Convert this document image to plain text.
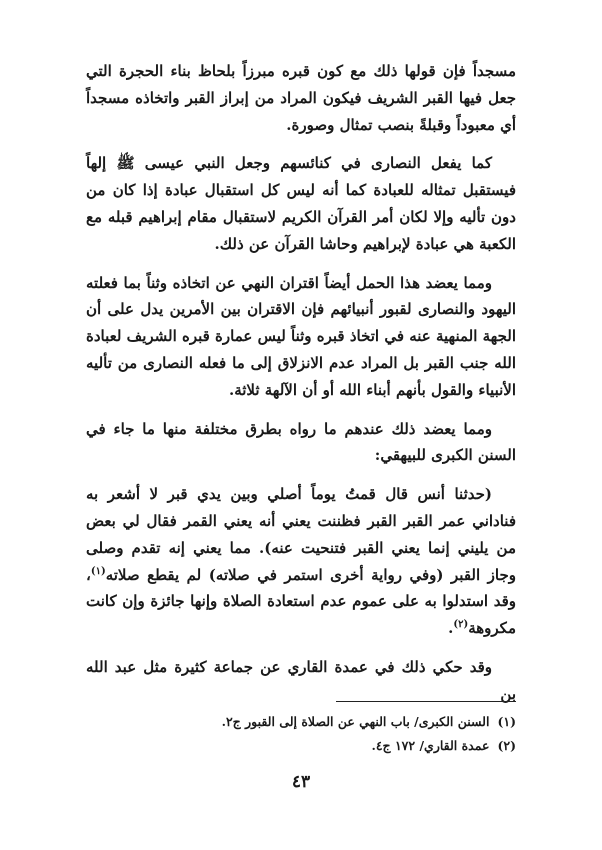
مسجداً فإن قولها ذلك مع كون قبره مبرزاً بلحاظ بناء الحجرة التي جعل فيها القبر الشريف فيكون المراد من إبراز القبر واتخاذه مسجداً أي معبوداً وقبلةً بنصب تمثال وصورة.

كما يفعل النصارى في كنائسهم وجعل النبي عيسى ﷺ إلهاً فيستقبل تمثاله للعبادة كما أنه ليس كل استقبال عبادة إذا كان من دون تأليه وإلا لكان أمر القرآن الكريم لاستقبال مقام إبراهيم قبله مع الكعبة هي عبادة لإبراهيم وحاشا القرآن عن ذلك.

ومما يعضد هذا الحمل أيضاً اقتران النهي عن اتخاذه وثناً بما فعلته اليهود والنصارى لقبور أنبيائهم فإن الاقتران بين الأمرين يدل على أن الجهة المنهية عنه في اتخاذ قبره وثناً ليس عمارة قبره الشريف لعبادة الله جنب القبر بل المراد عدم الانزلاق إلى ما فعله النصارى من تأليه الأنبياء والقول بأنهم أبناء الله أو أن الآلهة ثلاثة.

ومما يعضد ذلك عندهم ما رواه بطرق مختلفة منها ما جاء في السنن الكبرى للبيهقي:

(حدثنا أنس قال قمتُ يوماً أصلي وبين يدي قبر لا أشعر به فناداني عمر القبر القبر فظننت يعني أنه يعني القمر فقال لي بعض من يليني إنما يعني القبر فتنحيت عنه). مما يعني إنه تقدم وصلى وجاز القبر (وفي رواية أخرى استمر في صلاته) لم يقطع صلاته$^{(١)}$، وقد استدلوا به على عموم عدم استعادة الصلاة وإنها جائزة وإن كانت مكروهة$^{(٢)}$.

وقد حكي ذلك في عمدة القاري عن جماعة كثيرة مثل عبد الله بن

(١)السنن الكبرى/ باب النهي عن الصلاة إلى القبور ج٢.

(٢)عمدة القاري/ ١٧٢ ج٤.

٤٣
